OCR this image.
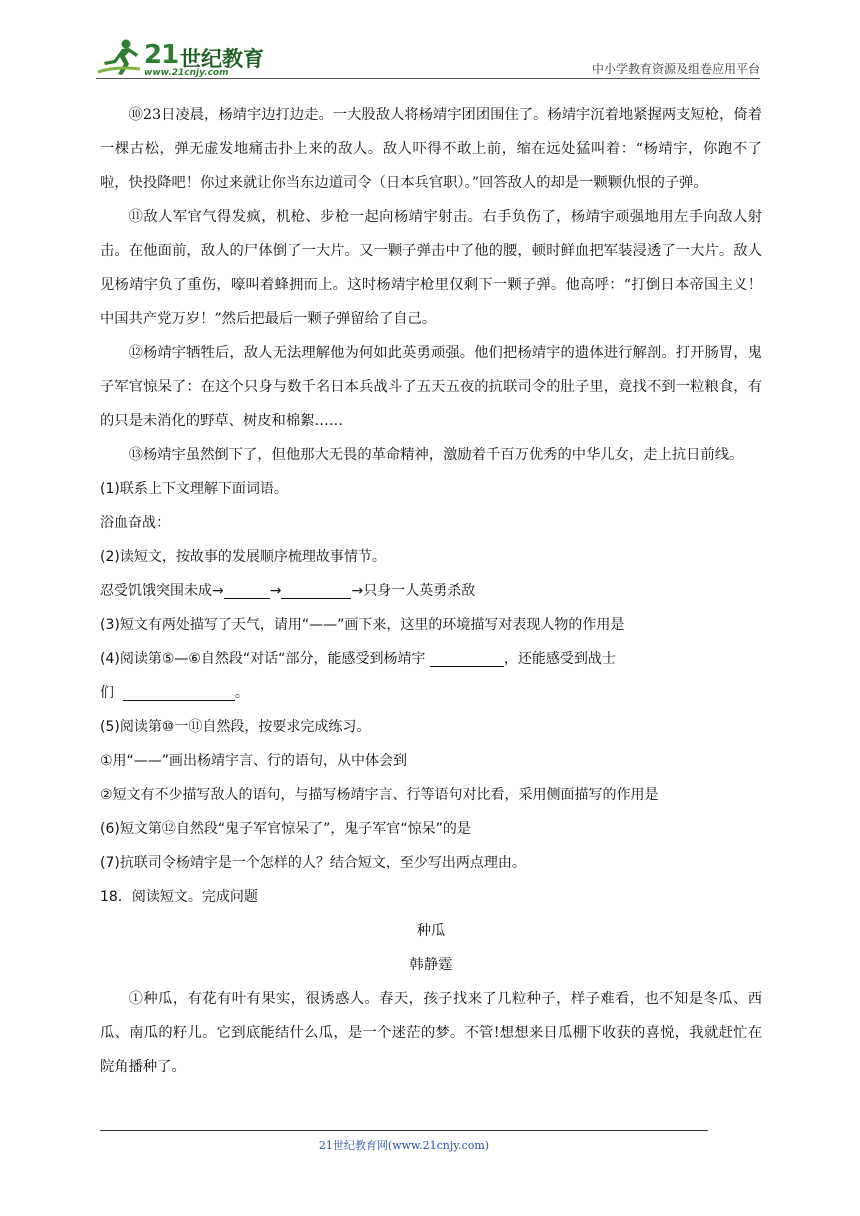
21 世纪教育
www.21cnjy.com	中小学教育资源及组卷应用平台

⑩23日凌晨，杨靖宇边打边走。一大股敌人将杨靖宇团团围住了。杨靖宇沉着地紧握两支短枪，倚着一棵古松，弹无虚发地痛击扑上来的敌人。敌人吓得不敢上前，缩在远处猛叫着：“杨靖宇，你跑不了啦，快投降吧！你过来就让你当东边道司令（日本兵官职）。”回答敌人的却是一颗颗仇恨的子弹。

⑪敌人军官气得发疯，机枪、步枪一起向杨靖宇射击。右手负伤了，杨靖宇顽强地用左手向敌人射击。在他面前，敌人的尸体倒了一大片。又一颗子弹击中了他的腰，顿时鲜血把军装浸透了一大片。敌人见杨靖宇负了重伤，嚎叫着蜂拥而上。这时杨靖宇枪里仅剩下一颗子弹。他高呼：“打倒日本帝国主义！中国共产党万岁！”然后把最后一颗子弹留给了自己。

⑫杨靖宇牺牲后，敌人无法理解他为何如此英勇顽强。他们把杨靖宇的遗体进行解剖。打开肠胃，鬼子军官惊呆了：在这个只身与数千名日本兵战斗了五天五夜的抗联司令的肚子里，竟找不到一粒粮食，有的只是未消化的野草、树皮和棉絮……

⑬杨靖宇虽然倒下了，但他那大无畏的革命精神，激励着千百万优秀的中华儿女，走上抗日前线。

(1)联系上下文理解下面词语。

浴血奋战：

(2)读短文，按故事的发展顺序梳理故事情节。

忍受饥饿突围未成→	→	→只身一人英勇杀敌

(3)短文有两处描写了天气，请用“——”画下来，这里的环境描写对表现人物的作用是

(4)阅读第⑤—⑥自然段“对话“部分，能感受到杨靖宇	，还能感受到战士

们	。

(5)阅读第⑩一⑪自然段，按要求完成练习。

①用“——”画出杨靖宇言、行的语句，从中体会到

②短文有不少描写敌人的语句，与描写杨靖宇言、行等语句对比看，采用侧面描写的作用是

(6)短文第⑫自然段“鬼子军官惊呆了”，鬼子军官“惊呆”的是

(7)抗联司令杨靖宇是一个怎样的人？结合短文，至少写出两点理由。

18．阅读短文。完成问题

种瓜

韩静霆

①种瓜，有花有叶有果实，很诱惑人。春天，孩子找来了几粒种子，样子难看，也不知是冬瓜、西瓜、南瓜的籽儿。它到底能结什么瓜，是一个迷茫的梦。不管!想想来日瓜棚下收获的喜悦，我就赶忙在院角播种了。

21世纪教育网(www.21cnjy.com)
